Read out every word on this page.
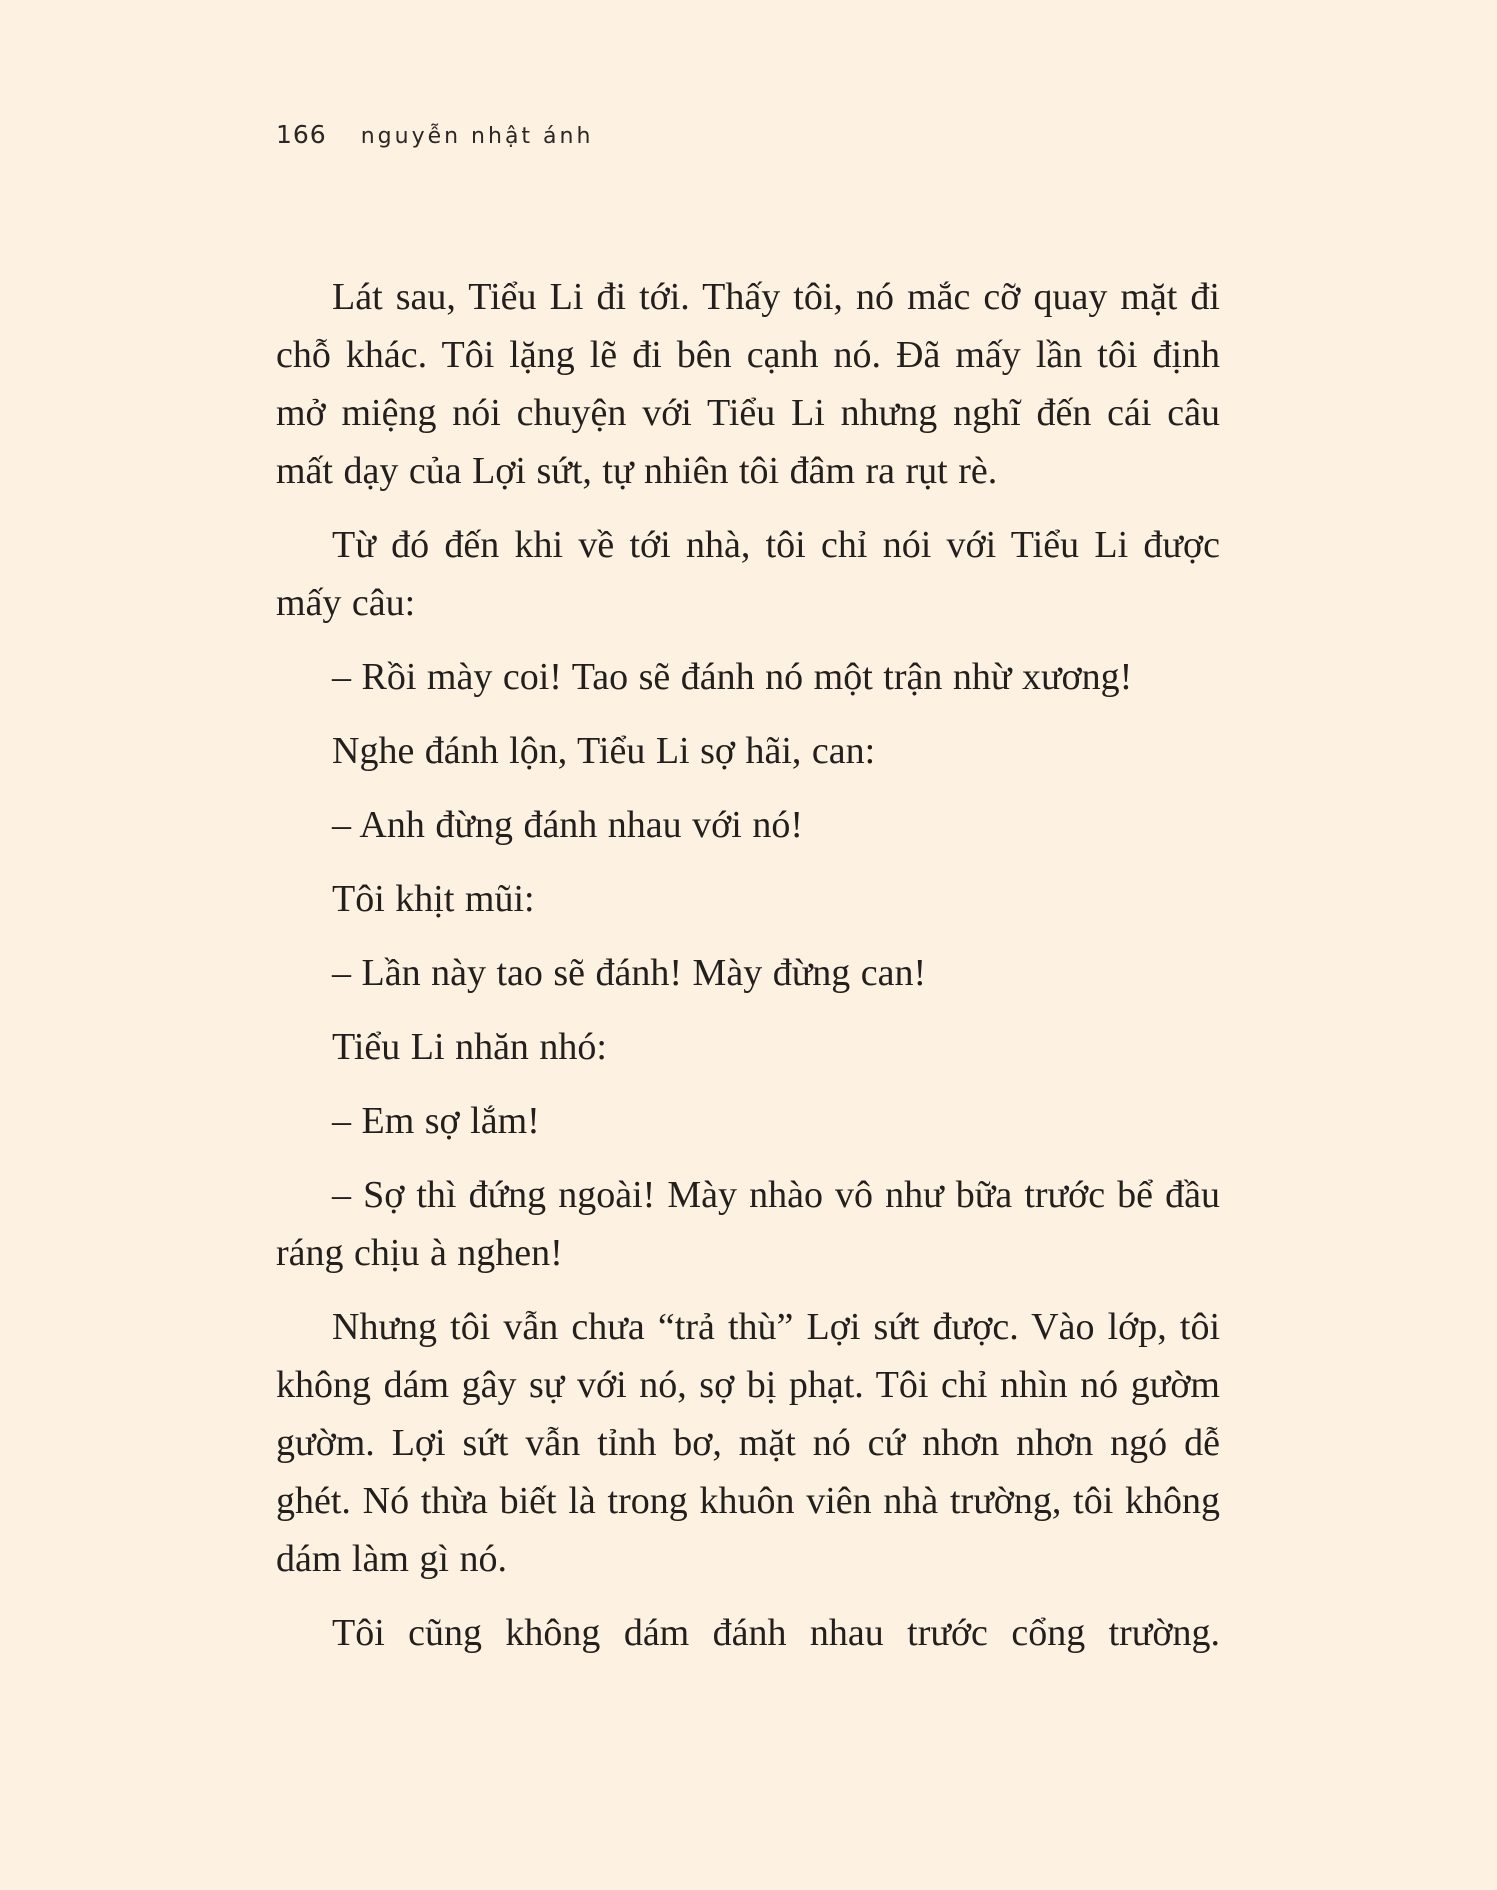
166 nguyễn nhật ánh

Lát sau, Tiểu Li đi tới. Thấy tôi, nó mắc cỡ quay mặt đi chỗ khác. Tôi lặng lẽ đi bên cạnh nó. Đã mấy lần tôi định mở miệng nói chuyện với Tiểu Li nhưng nghĩ đến cái câu mất dạy của Lợi sứt, tự nhiên tôi đâm ra rụt rè.

Từ đó đến khi về tới nhà, tôi chỉ nói với Tiểu Li được mấy câu:

– Rồi mày coi! Tao sẽ đánh nó một trận nhừ xương!

Nghe đánh lộn, Tiểu Li sợ hãi, can:

– Anh đừng đánh nhau với nó!

Tôi khịt mũi:

– Lần này tao sẽ đánh! Mày đừng can!

Tiểu Li nhăn nhó:

– Em sợ lắm!

– Sợ thì đứng ngoài! Mày nhào vô như bữa trước bể đầu ráng chịu à nghen!

Nhưng tôi vẫn chưa “trả thù” Lợi sứt được. Vào lớp, tôi không dám gây sự với nó, sợ bị phạt. Tôi chỉ nhìn nó gườm gườm. Lợi sứt vẫn tỉnh bơ, mặt nó cứ nhơn nhơn ngó dễ ghét. Nó thừa biết là trong khuôn viên nhà trường, tôi không dám làm gì nó.

Tôi cũng không dám đánh nhau trước cổng trường.
